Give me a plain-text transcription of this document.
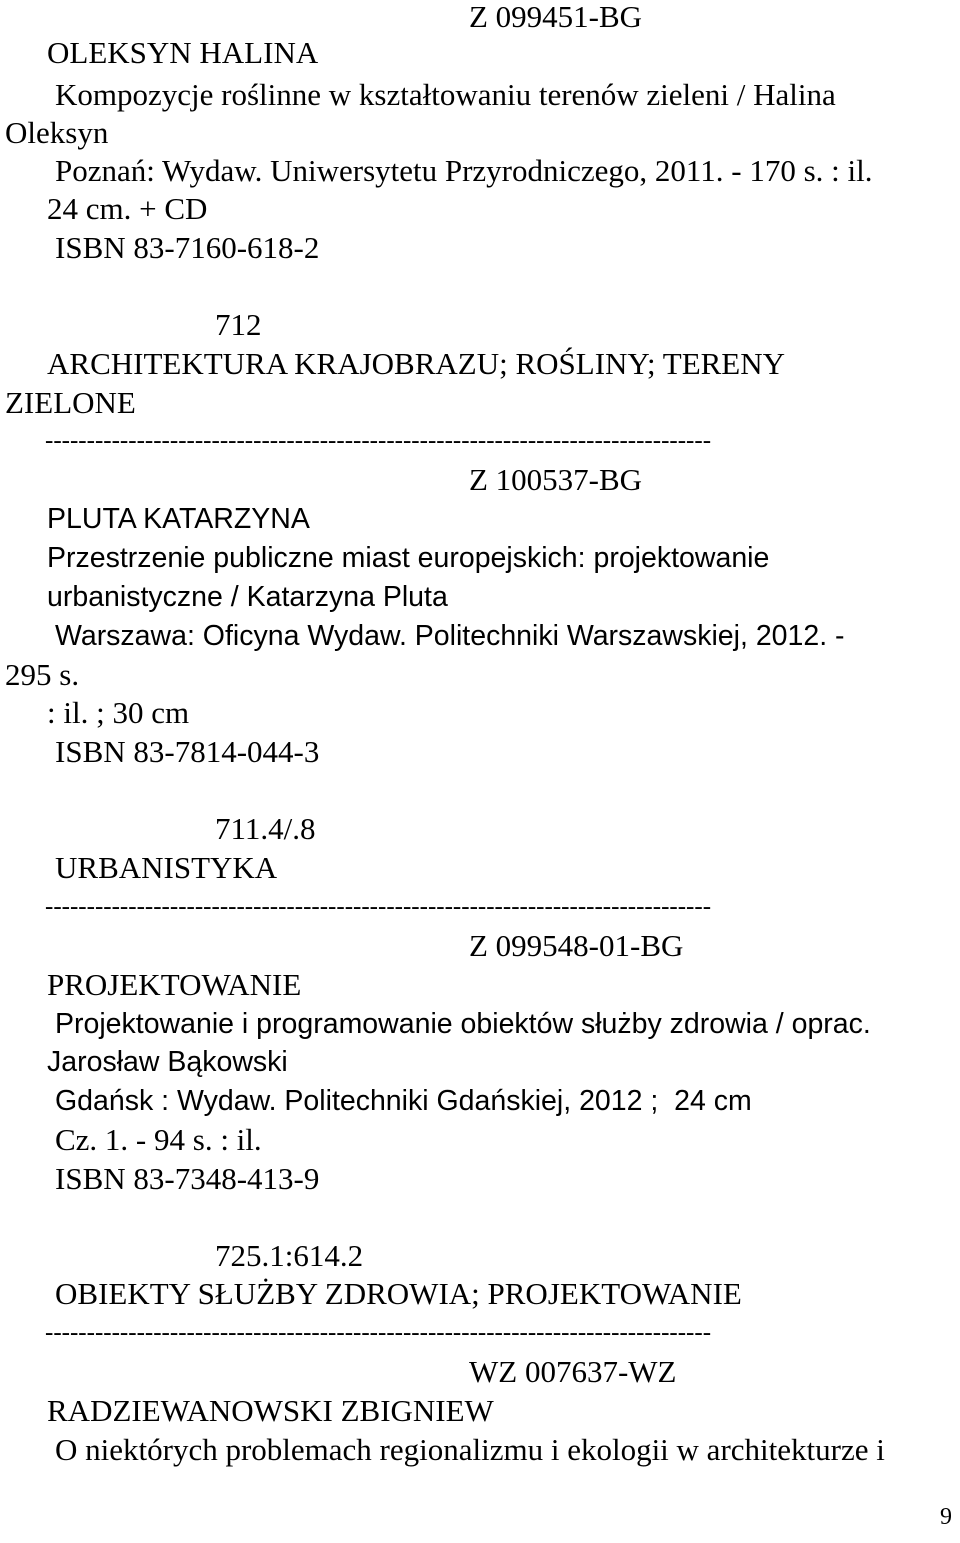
Z 099451-BG
OLEKSYN HALINA
Kompozycje roślinne w kształtowaniu terenów zieleni / Halina
Oleksyn
Poznań: Wydaw. Uniwersytetu Przyrodniczego, 2011. - 170 s. : il.
24 cm. + CD
ISBN 83-7160-618-2
712
ARCHITEKTURA KRAJOBRAZU; ROŚLINY; TERENY
ZIELONE
--------------------------------------------------------------------------------
Z 100537-BG
PLUTA KATARZYNA
Przestrzenie publiczne miast europejskich: projektowanie
urbanistyczne / Katarzyna Pluta
Warszawa: Oficyna Wydaw. Politechniki Warszawskiej, 2012. -
295 s.
: il. ; 30 cm
ISBN 83-7814-044-3
711.4/.8
URBANISTYKA
--------------------------------------------------------------------------------
Z 099548-01-BG
PROJEKTOWANIE
Projektowanie i programowanie obiektów służby zdrowia / oprac.
Jarosław Bąkowski
Gdańsk : Wydaw. Politechniki Gdańskiej, 2012 ;  24 cm
Cz. 1. - 94 s. : il.
ISBN 83-7348-413-9
725.1:614.2
OBIEKTY SŁUŻBY ZDROWIA; PROJEKTOWANIE
--------------------------------------------------------------------------------
WZ 007637-WZ
RADZIEWANOWSKI ZBIGNIEW
O niektórych problemach regionalizmu i ekologii w architekturze i
9
